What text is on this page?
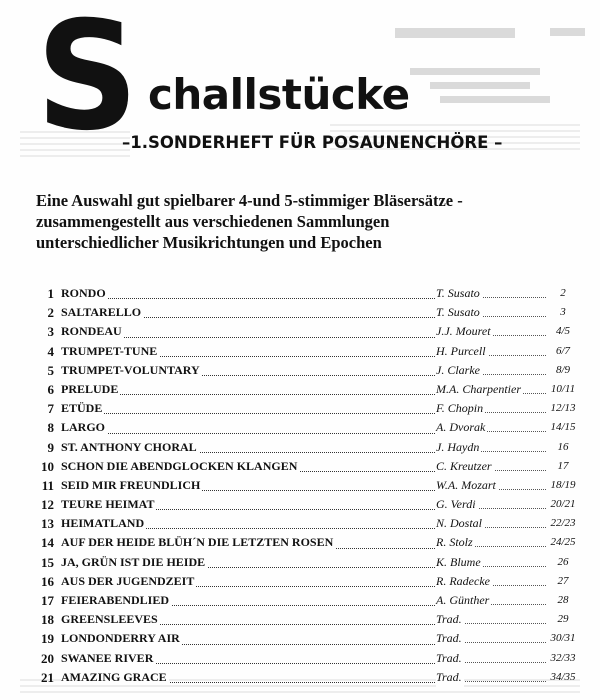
S challstücke
–1.SONDERHEFT FÜR POSAUNENCHÖRE –
Eine Auswahl gut spielbarer 4-und 5-stimmiger Bläsersätze -
zusammengestellt aus verschiedenen Sammlungen
unterschiedlicher Musikrichtungen und Epochen
1 RONDO	T. Susato	2
2 SALTARELLO	T. Susato	3
3 RONDEAU	J.J. Mouret	4/5
4 TRUMPET-TUNE	H. Purcell	6/7
5 TRUMPET-VOLUNTARY	J. Clarke	8/9
6 PRELUDE	M.A. Charpentier	10/11
7 ETÜDE	F. Chopin	12/13
8 LARGO	A. Dvorak	14/15
9 ST. ANTHONY CHORAL	J. Haydn	16
10 SCHON DIE ABENDGLOCKEN KLANGEN	C. Kreutzer	17
11 SEID MIR FREUNDLICH	W.A. Mozart	18/19
12 TEURE HEIMAT	G. Verdi	20/21
13 HEIMATLAND	N. Dostal	22/23
14 AUF DER HEIDE BLÜH´N DIE LETZTEN ROSEN	R. Stolz	24/25
15 JA, GRÜN IST DIE HEIDE	K. Blume	26
16 AUS DER JUGENDZEIT	R. Radecke	27
17 FEIERABENDLIED	A. Günther	28
18 GREENSLEEVES	Trad.	29
19 LONDONDERRY AIR	Trad.	30/31
20 SWANEE RIVER	Trad.	32/33
21 AMAZING GRACE	Trad.	34/35
